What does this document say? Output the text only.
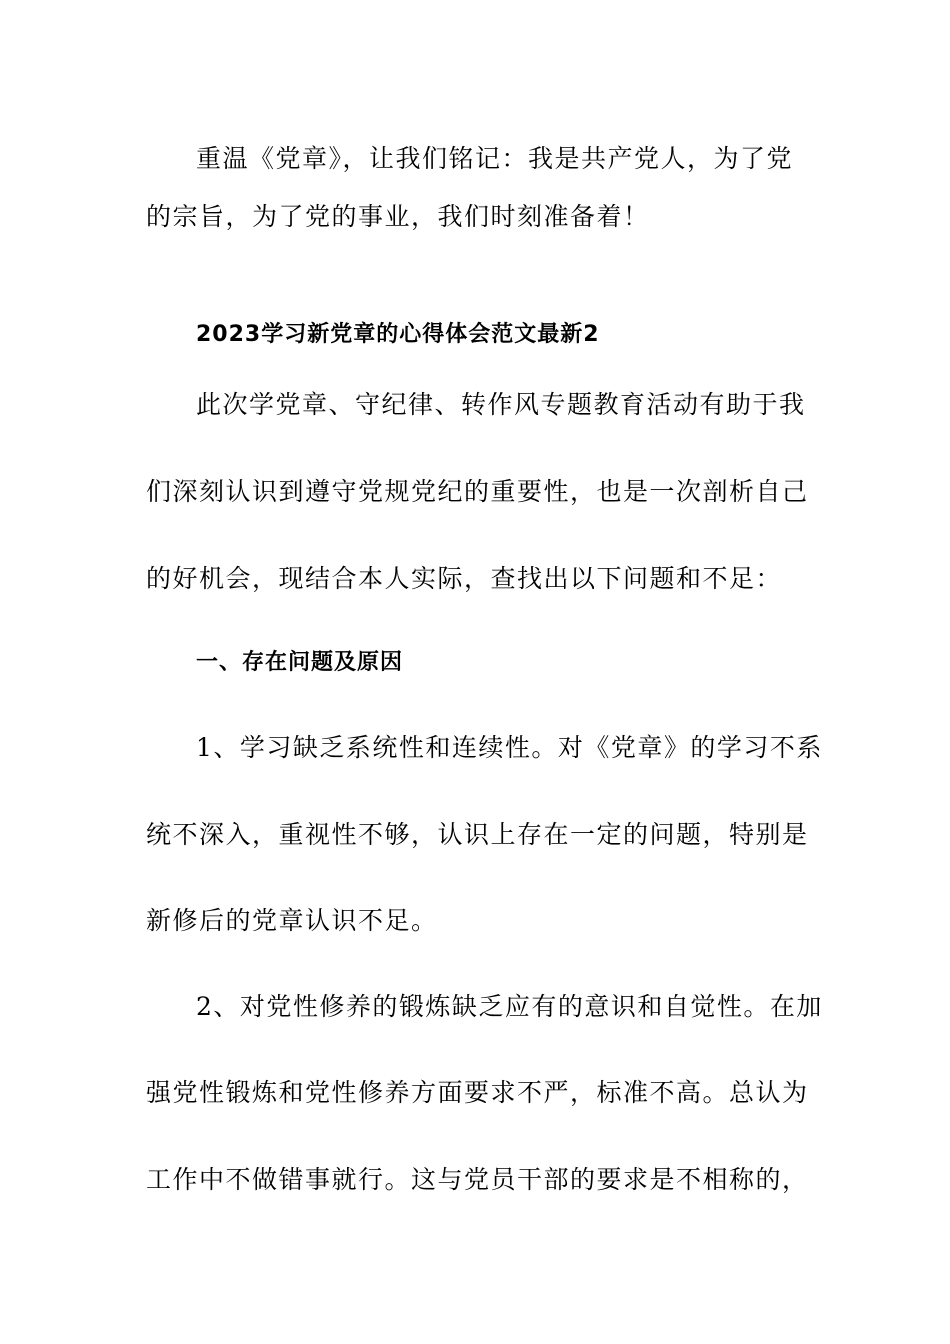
重温《党章》，让我们铭记：我是共产党人，为了党
的宗旨，为了党的事业，我们时刻准备着！
2023学习新党章的心得体会范文最新2
此次学党章、守纪律、转作风专题教育活动有助于我
们深刻认识到遵守党规党纪的重要性，也是一次剖析自己
的好机会，现结合本人实际，查找出以下问题和不足：
一、存在问题及原因
1、学习缺乏系统性和连续性。对《党章》的学习不系
统不深入，重视性不够，认识上存在一定的问题，特别是
新修后的党章认识不足。
2、对党性修养的锻炼缺乏应有的意识和自觉性。在加
强党性锻炼和党性修养方面要求不严，标准不高。总认为
工作中不做错事就行。这与党员干部的要求是不相称的，
